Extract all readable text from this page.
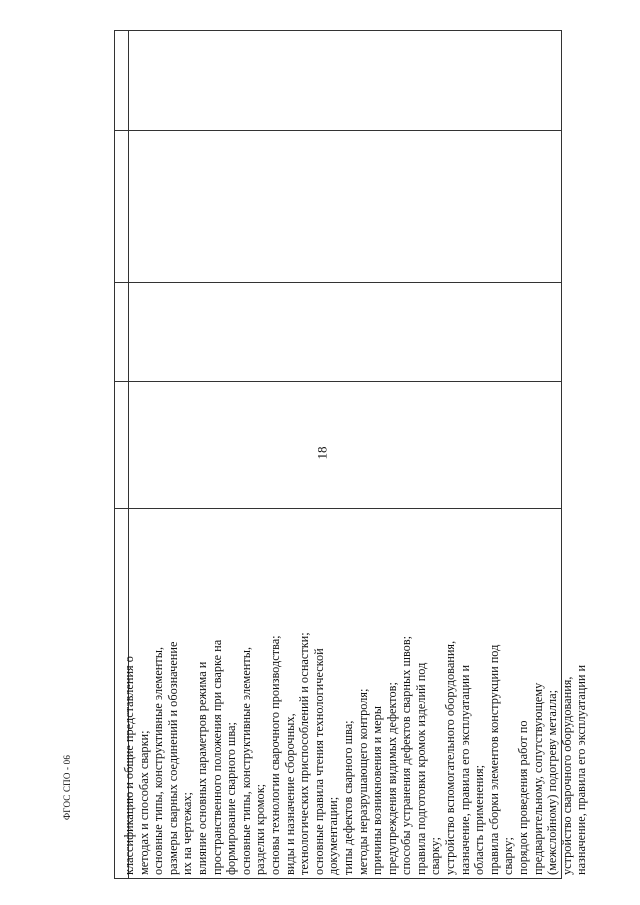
18
ФГОС СПО - 06	классификацию и общие представления о методах и способах сварки; основные типы, конструктивные элементы, размеры сварных соединений и обозначение их на чертежах; влияние основных параметров режима и пространственного положения при сварке на формирование сварного шва; основные типы, конструктивные элементы, разделки кромок; основы технологии сварочного производства; виды и назначение сборочных, технологических приспособлений и оснастки; основные правила чтения технологической документации; типы дефектов сварного шва; методы неразрушающего контроля; причины возникновения и меры предупреждения видимых дефектов; способы устранения дефектов сварных швов; правила подготовки кромок изделий под сварку; устройство вспомогательного оборудования, назначение, правила его эксплуатации и область применения; правила сборки элементов конструкции под сварку; порядок проведения работ по предварительному, сопутствующему (межслойному) подогреву металла; устройство сварочного оборудования, назначение, правила его эксплуатации и
